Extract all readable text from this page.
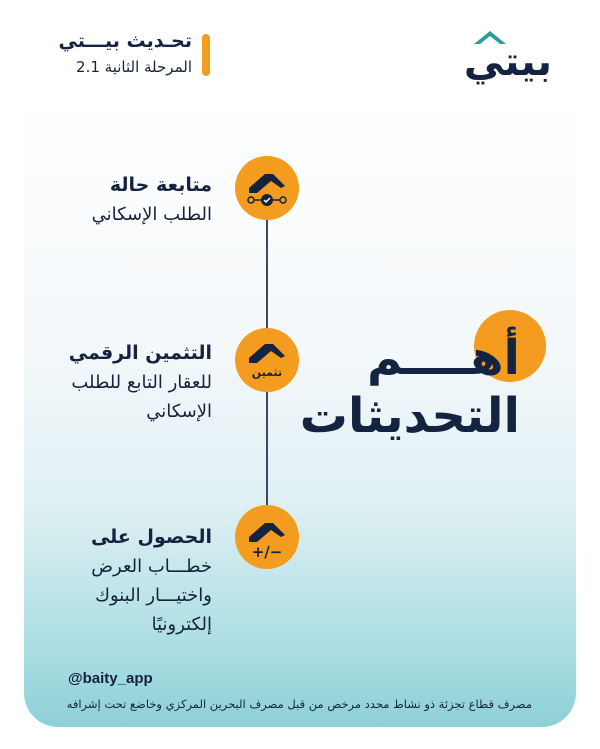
بيتي
تحـديث بيـــتي
المرحلة الثانية 2.1
تثمين
+/−
متابعة حالة
الطلب الإسكاني
التثمين الرقمي
للعقار التابع للطلب
الإسكاني
الحصول على
خطـــاب العرض
واختيـــار البنوك
إلكترونيًا
أهــــم
التحديثات
@baity_app
مصرف قطاع تجزئة ذو نشاط محدد مرخص من قبل مصرف البحرين المركزي وخاضع تحت إشرافه
